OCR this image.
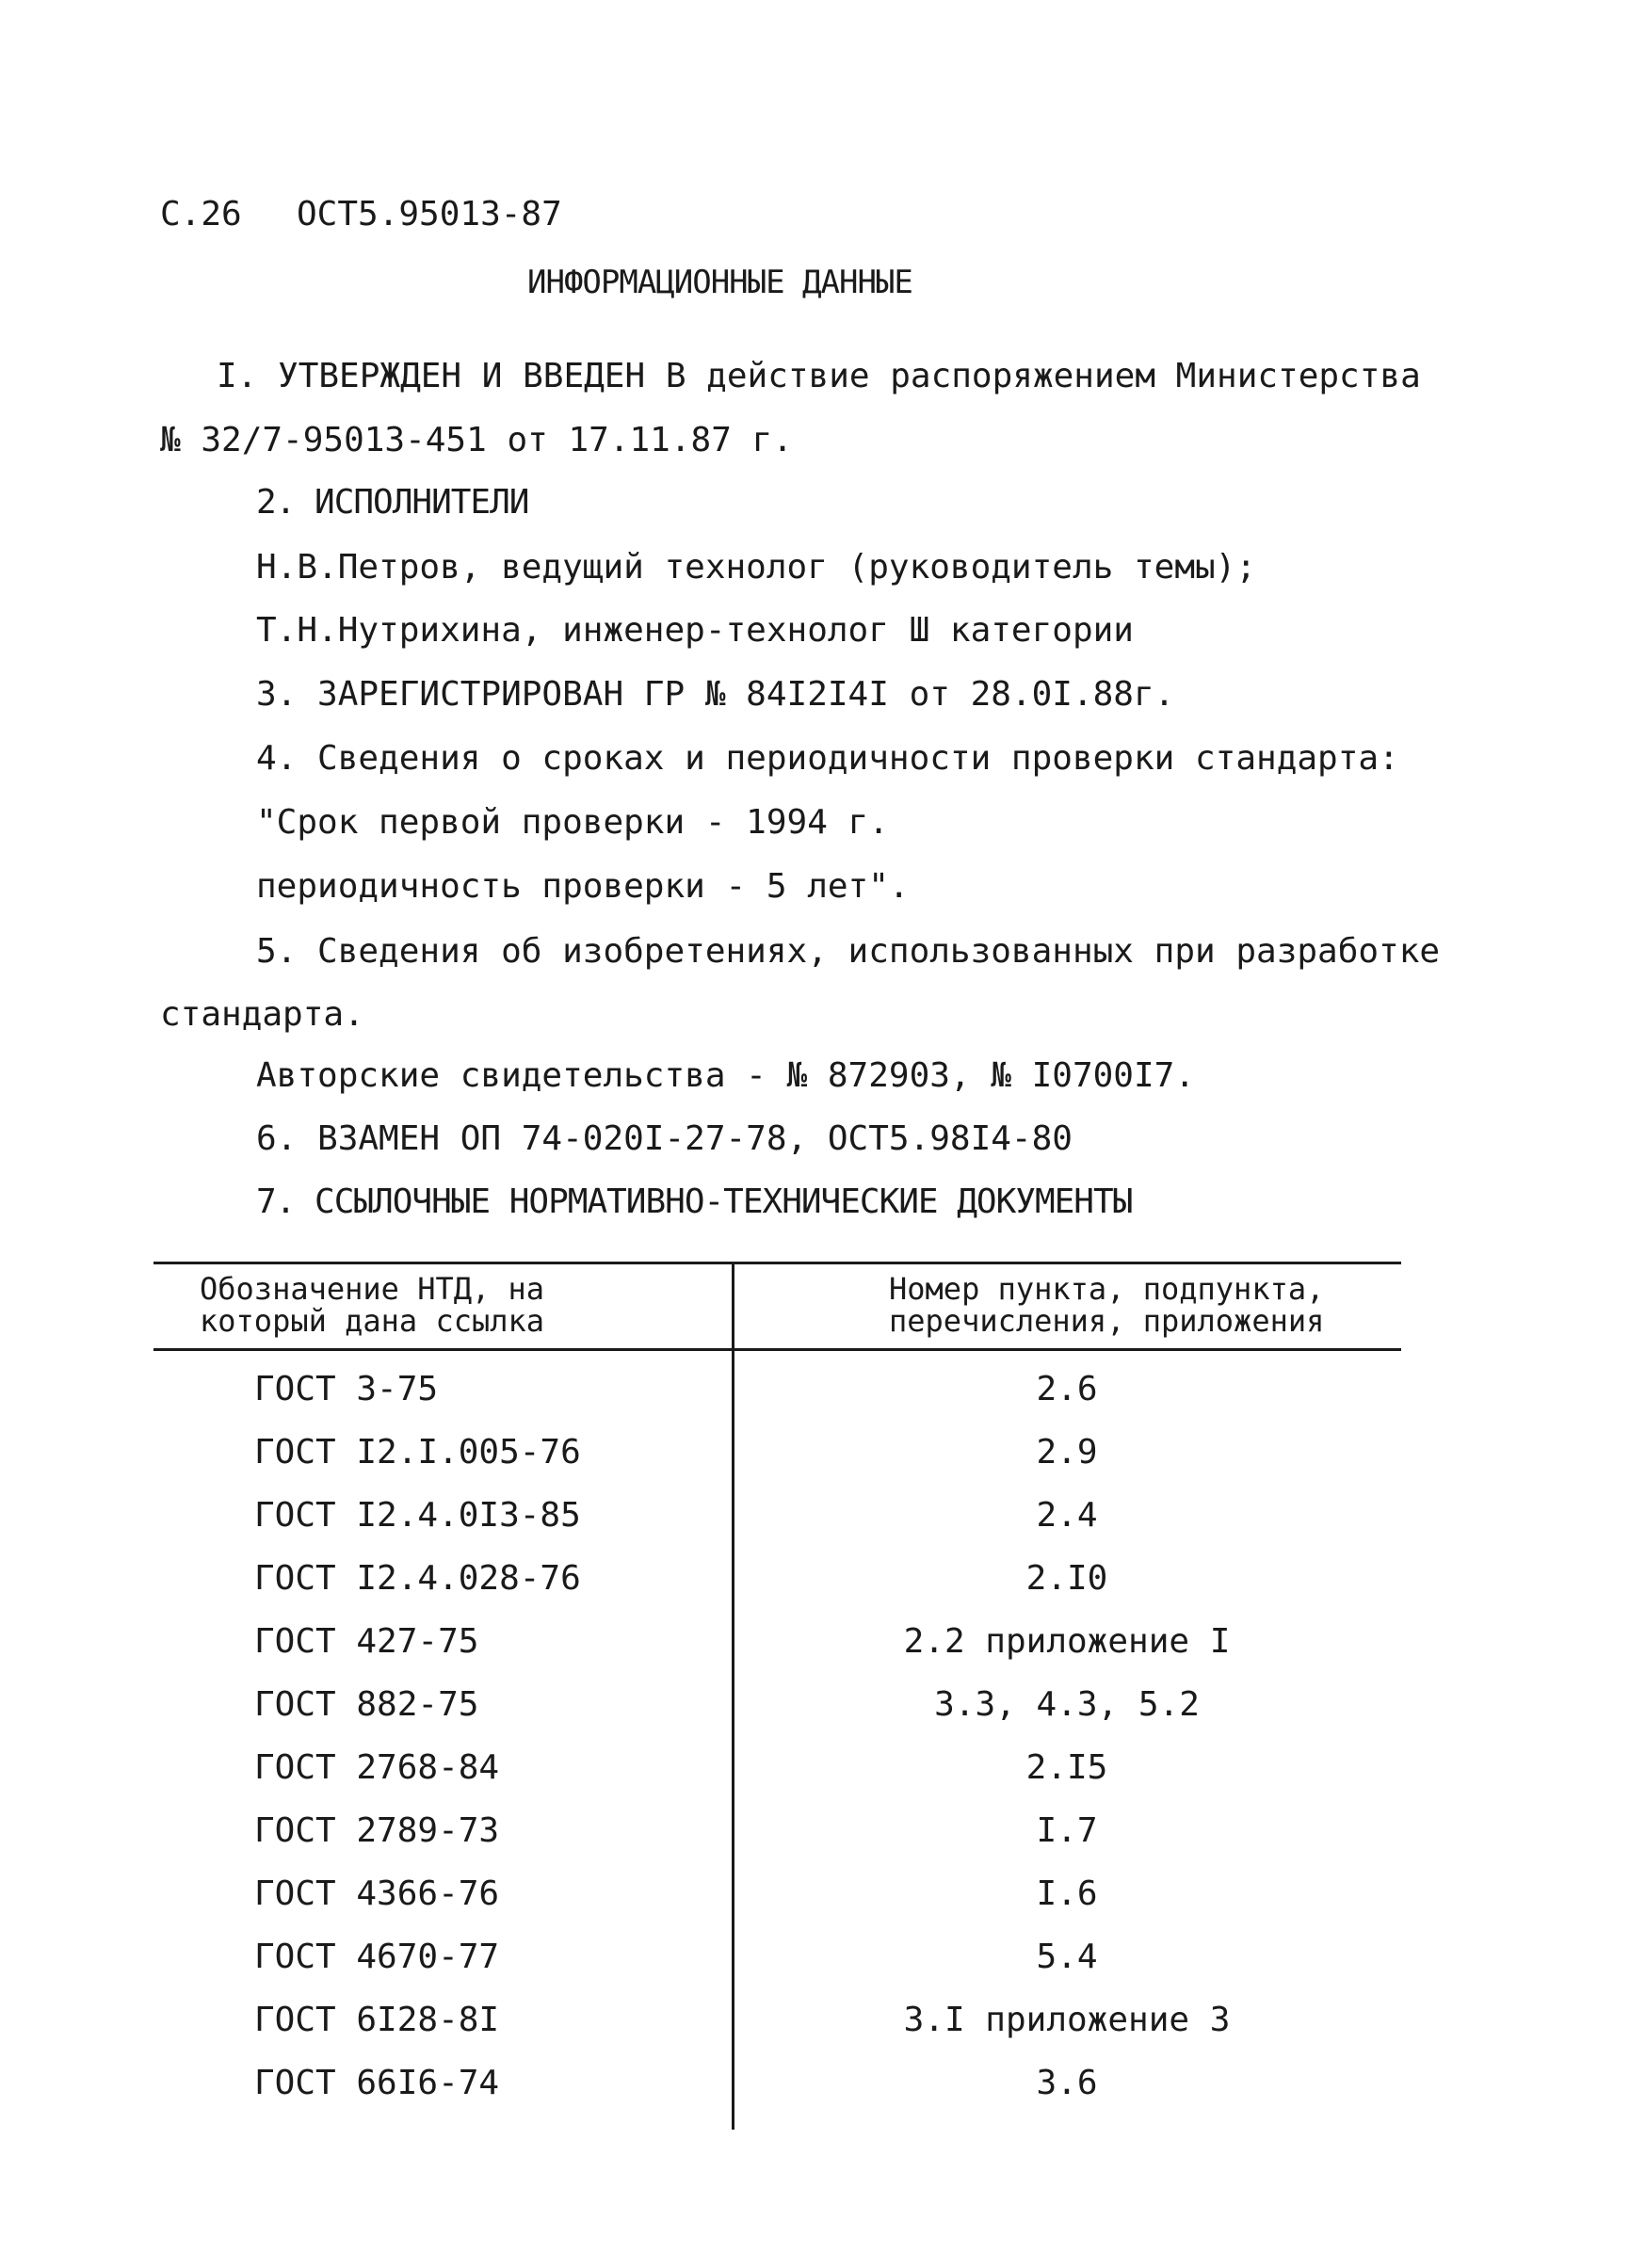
С.26 ОСТ5.95013-87
ИНФОРМАЦИОННЫЕ ДАННЫЕ
I. УТВЕРЖДЕН И ВВЕДЕН В действие распоряжением Министерства
№ 32/7-95013-451 от 17.11.87 г.
2. ИСПОЛНИТЕЛИ
Н.В.Петров, ведущий технолог (руководитель темы);
Т.Н.Нутрихина, инженер-технолог Ш категории
3. ЗАРЕГИСТРИРОВАН ГР № 84I2I4I от 28.0I.88г.
4. Сведения о сроках и периодичности проверки стандарта:
"Срок первой проверки - 1994 г.
периодичность проверки - 5 лет".
5. Сведения об изобретениях, использованных при разработке
стандарта.
Авторские свидетельства - № 872903, № I0700I7.
6. ВЗАМЕН ОП 74-020I-27-78, ОСТ5.98I4-80
7. ССЫЛОЧНЫЕ НОРМАТИВНО-ТЕХНИЧЕСКИЕ ДОКУМЕНТЫ
Обозначение НТД, на
который дана ссылка
Номер пункта, подпункта,
перечисления, приложения
ГОСТ 3-75
ГОСТ I2.I.005-76
ГОСТ I2.4.0I3-85
ГОСТ I2.4.028-76
ГОСТ 427-75
ГОСТ 882-75
ГОСТ 2768-84
ГОСТ 2789-73
ГОСТ 4366-76
ГОСТ 4670-77
ГОСТ 6I28-8I
ГОСТ 66I6-74
2.6
2.9
2.4
2.I0
2.2 приложение I
3.3, 4.3, 5.2
2.I5
I.7
I.6
5.4
3.I приложение 3
3.6
